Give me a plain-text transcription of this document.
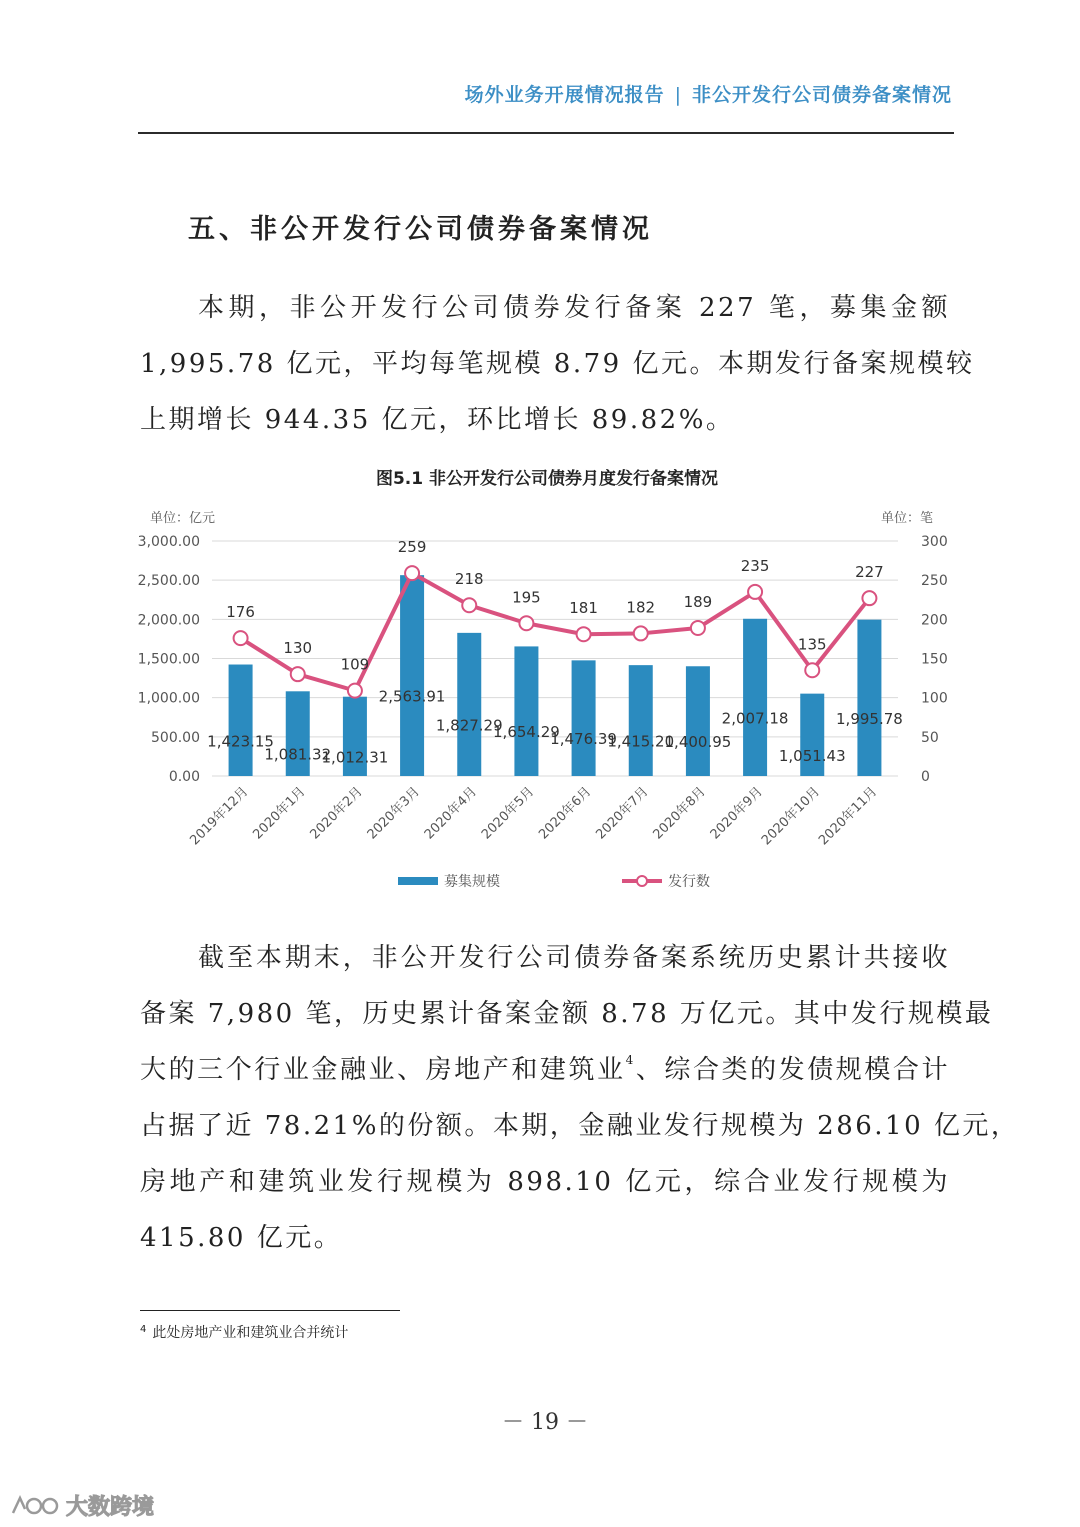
场外业务开展情况报告 | 非公开发行公司债券备案情况
五、非公开发行公司债券备案情况
本期，非公开发行公司债券发行备案 227 笔，募集金额
1,995.78 亿元，平均每笔规模 8.79 亿元。本期发行备案规模较
上期增长 944.35 亿元，环比增长 89.82%。
图5.1 非公开发行公司债券月度发行备案情况
单位：亿元	单位：笔
0.00
500.00
1,000.00
1,500.00
2,000.00
2,500.00
3,000.00
0
50
100
150
200
250
300
176
130
109
259
218
195
181 182 189
235
135
227
1,423.15
1,081.32
1,012.31
2,563.91
1,827.29
1,654.29
1,476.39
1,415.20
1,400.95
2,007.18
1,051.43
1,995.78
2019年12月
2020年1月
2020年2月
2020年3月
2020年4月
2020年5月
2020年6月
2020年7月
2020年8月
2020年9月
2020年10月
2020年11月
募集规模	发行数
截至本期末，非公开发行公司债券备案系统历史累计共接收
备案 7,980 笔，历史累计备案金额 8.78 万亿元。其中发行规模最
大的三个行业金融业、房地产和建筑业$^4$、综合类的发债规模合计
占据了近 78.21%的份额。本期，金融业发行规模为 286.10 亿元，
房地产和建筑业发行规模为 898.10 亿元，综合业发行规模为
415.80 亿元。
$^4$ 此处房地产业和建筑业合并统计
－ 19 －
大数跨境
